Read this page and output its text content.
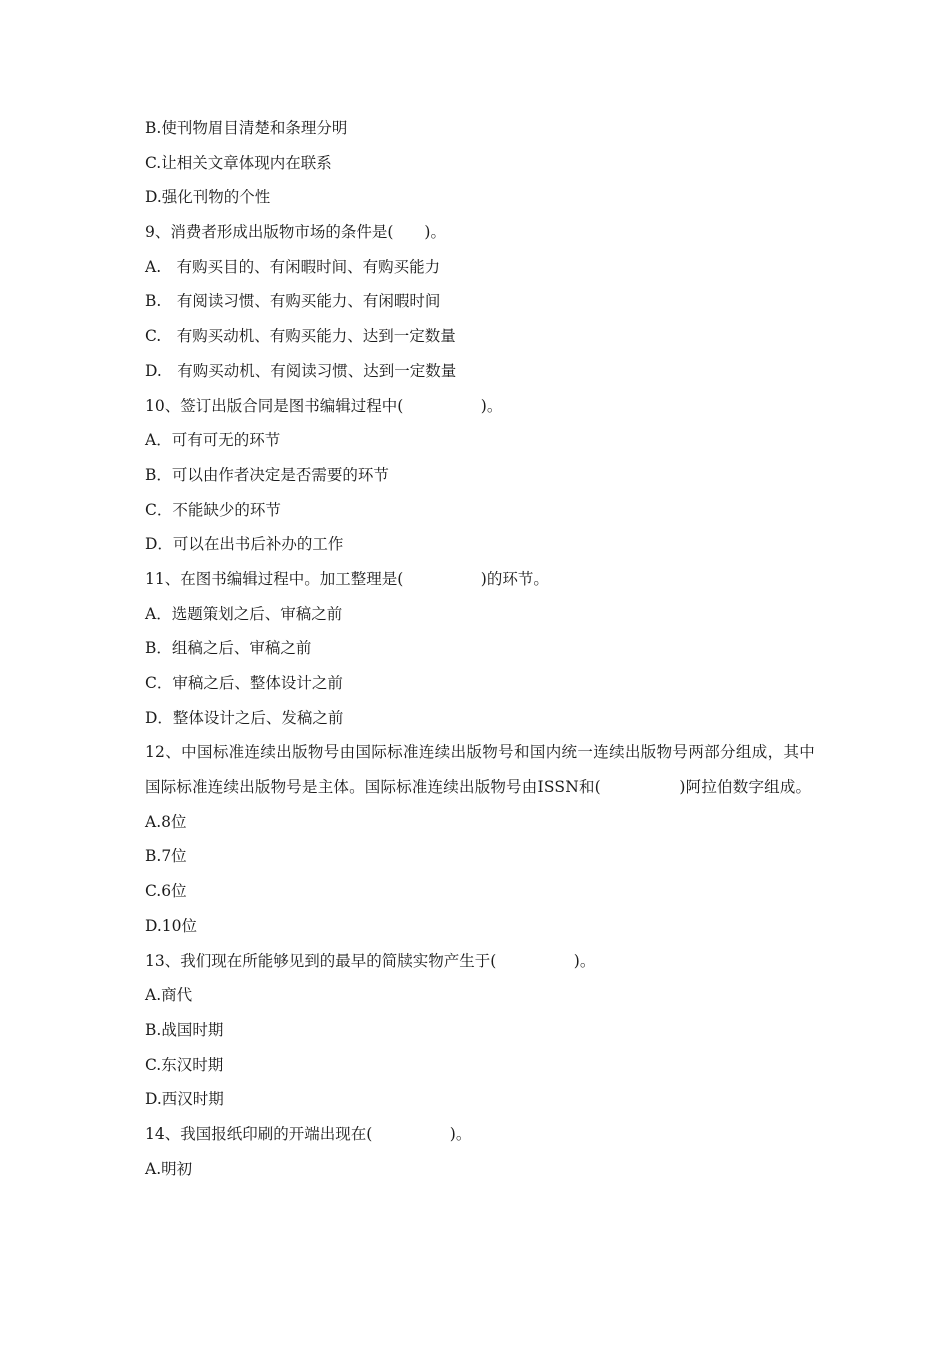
B.使刊物眉目清楚和条理分明
C.让相关文章体现内在联系
D.强化刊物的个性
9、消费者形成出版物市场的条件是(　　)。
A.　有购买目的、有闲暇时间、有购买能力
B.　有阅读习惯、有购买能力、有闲暇时间
C.　有购买动机、有购买能力、达到一定数量
D.　有购买动机、有阅读习惯、达到一定数量
10、签订出版合同是图书编辑过程中(　　　　　)。
A．可有可无的环节
B．可以由作者决定是否需要的环节
C．不能缺少的环节
D．可以在出书后补办的工作
11、在图书编辑过程中。加工整理是(　　　　　)的环节。
A．选题策划之后、审稿之前
B．组稿之后、审稿之前
C．审稿之后、整体设计之前
D．整体设计之后、发稿之前
12、中国标准连续出版物号由国际标准连续出版物号和国内统一连续出版物号两部分组成，其中国际标准连续出版物号是主体。国际标准连续出版物号由ISSN和(　　　　　)阿拉伯数字组成。
A.8位
B.7位
C.6位
D.10位
13、我们现在所能够见到的最早的简牍实物产生于(　　　　　)。
A.商代
B.战国时期
C.东汉时期
D.西汉时期
14、我国报纸印刷的开端出现在(　　　　　)。
A.明初
